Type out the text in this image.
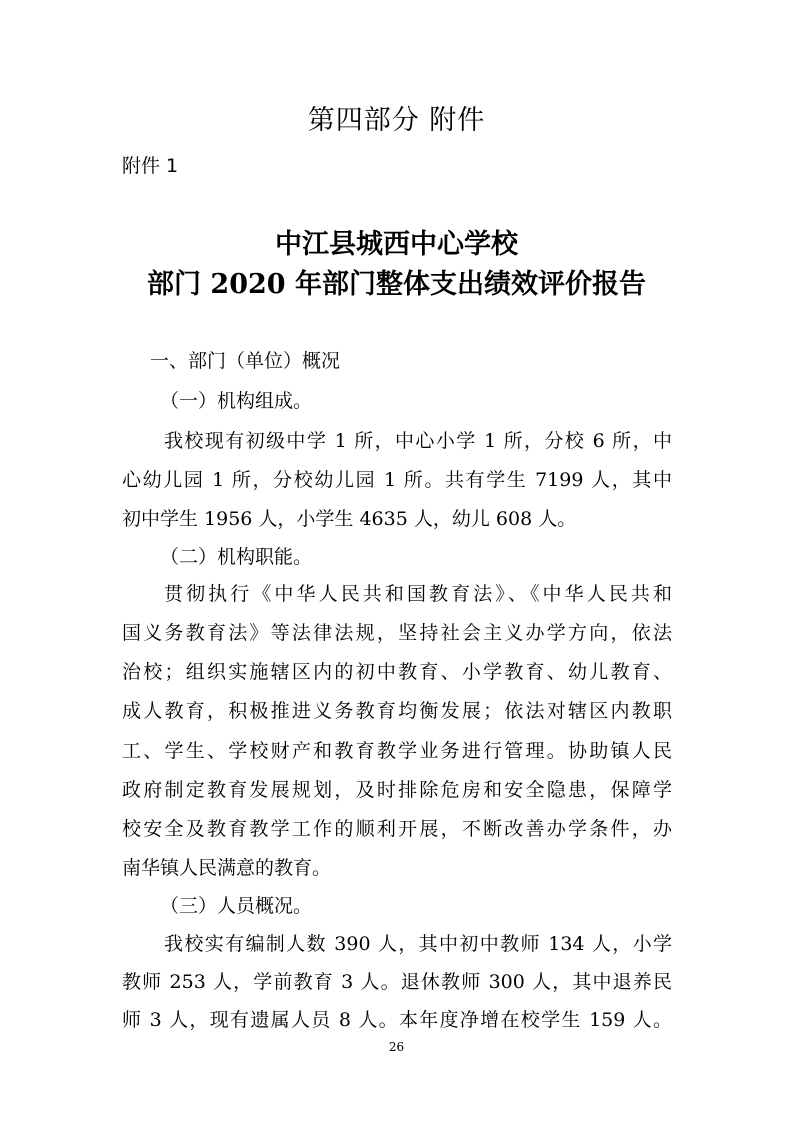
第四部分 附件
附件 1
中江县城西中心学校
部门 2020 年部门整体支出绩效评价报告
一、部门（单位）概况
（一）机构组成。
我校现有初级中学 1 所，中心小学 1 所，分校 6 所，中
心幼儿园 1 所，分校幼儿园 1 所。共有学生 7199 人，其中
初中学生 1956 人，小学生 4635 人，幼儿 608 人。
（二）机构职能。
贯彻执行《中华人民共和国教育法》、《中华人民共和
国义务教育法》等法律法规，坚持社会主义办学方向，依法
治校；组织实施辖区内的初中教育、小学教育、幼儿教育、
成人教育，积极推进义务教育均衡发展；依法对辖区内教职
工、学生、学校财产和教育教学业务进行管理。协助镇人民
政府制定教育发展规划，及时排除危房和安全隐患，保障学
校安全及教育教学工作的顺利开展，不断改善办学条件，办
南华镇人民满意的教育。
（三）人员概况。
我校实有编制人数 390 人，其中初中教师 134 人，小学
教师 253 人，学前教育 3 人。退休教师 300 人，其中退养民
师 3 人，现有遗属人员 8 人。本年度净增在校学生 159 人。
26
